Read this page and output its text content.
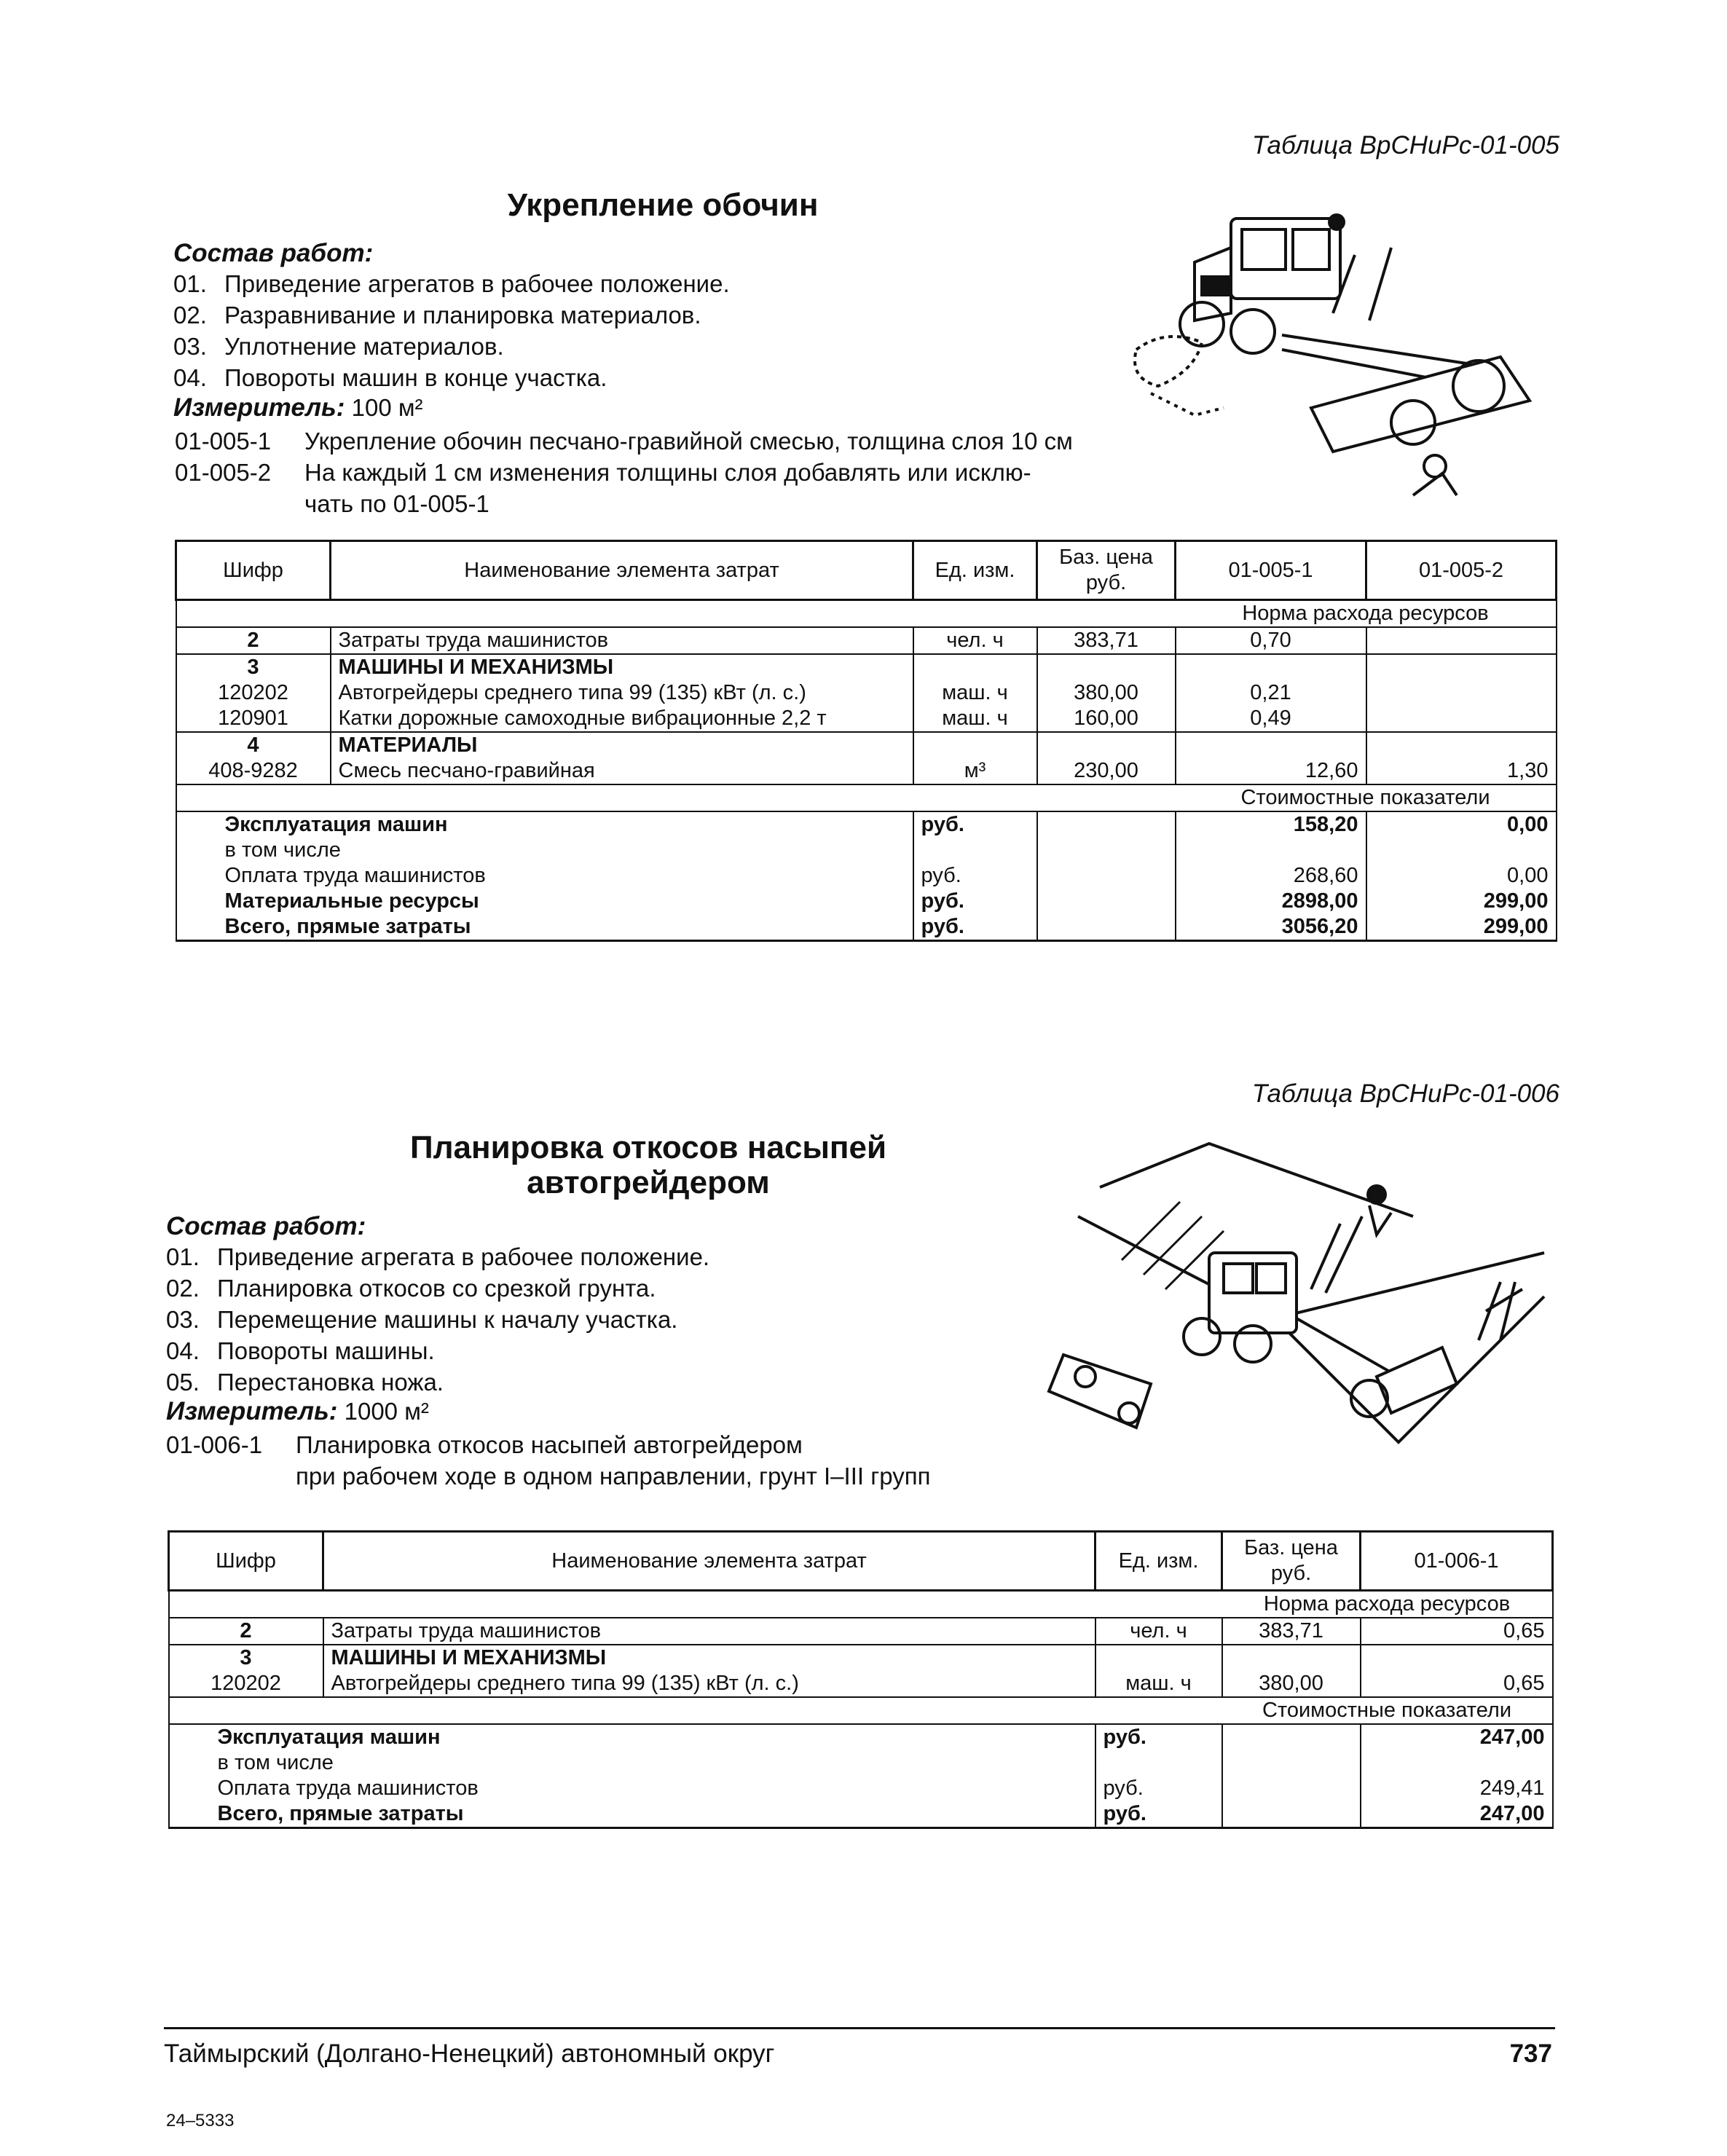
Таблица ВрСНиРс-01-005
Укрепление обочин
Состав работ:
01. Приведение агрегатов в рабочее положение.
02. Разравнивание и планировка материалов.
03. Уплотнение материалов.
04. Повороты машин в конце участка.
Измеритель: 100 м²
01-005-1	Укрепление обочин песчано-гравийной смесью, толщина слоя 10 см
01-005-2	На каждый 1 см изменения толщины слоя добавлять или исклю-
чать по 01-005-1
Шифр	Наименование элемента затрат	Ед. изм.	Баз. цена руб.	01-005-1	01-005-2
				Норма расхода ресурсов	
2	Затраты труда машинистов	чел. ч	383,71	0,70	
3	МАШИНЫ И МЕХАНИЗМЫ				
120202	Автогрейдеры среднего типа 99 (135) кВт (л. с.)	маш. ч	380,00	0,21	
120901	Катки дорожные самоходные вибрационные 2,2 т	маш. ч	160,00	0,49	
4	МАТЕРИАЛЫ				
408-9282	Смесь песчано-гравийная	м³	230,00	12,60	1,30
				Стоимостные показатели	
Эксплуатация машин		руб.		158,20	0,00
в том числе					
Оплата труда машинистов		руб.		268,60	0,00
Материальные ресурсы		руб.		2898,00	299,00
Всего, прямые затраты		руб.		3056,20	299,00
Таблица ВрСНиРс-01-006
Планировка откосов насыпей
автогрейдером
Состав работ:
01. Приведение агрегата в рабочее положение.
02. Планировка откосов со срезкой грунта.
03. Перемещение машины к началу участка.
04. Повороты машины.
05. Перестановка ножа.
Измеритель: 1000 м²
01-006-1	Планировка откосов насыпей автогрейдером
при рабочем ходе в одном направлении, грунт I–III групп
Шифр	Наименование элемента затрат	Ед. изм.	Баз. цена руб.	01-006-1
			Норма расхода ресурсов	
2	Затраты труда машинистов	чел. ч	383,71	0,65
3	МАШИНЫ И МЕХАНИЗМЫ			
120202	Автогрейдеры среднего типа 99 (135) кВт (л. с.)	маш. ч	380,00	0,65
			Стоимостные показатели	
Эксплуатация машин		руб.		247,00
в том числе				
Оплата труда машинистов		руб.		249,41
Всего, прямые затраты		руб.		247,00
Таймырский (Долгано-Ненецкий) автономный округ	737
24–5333
